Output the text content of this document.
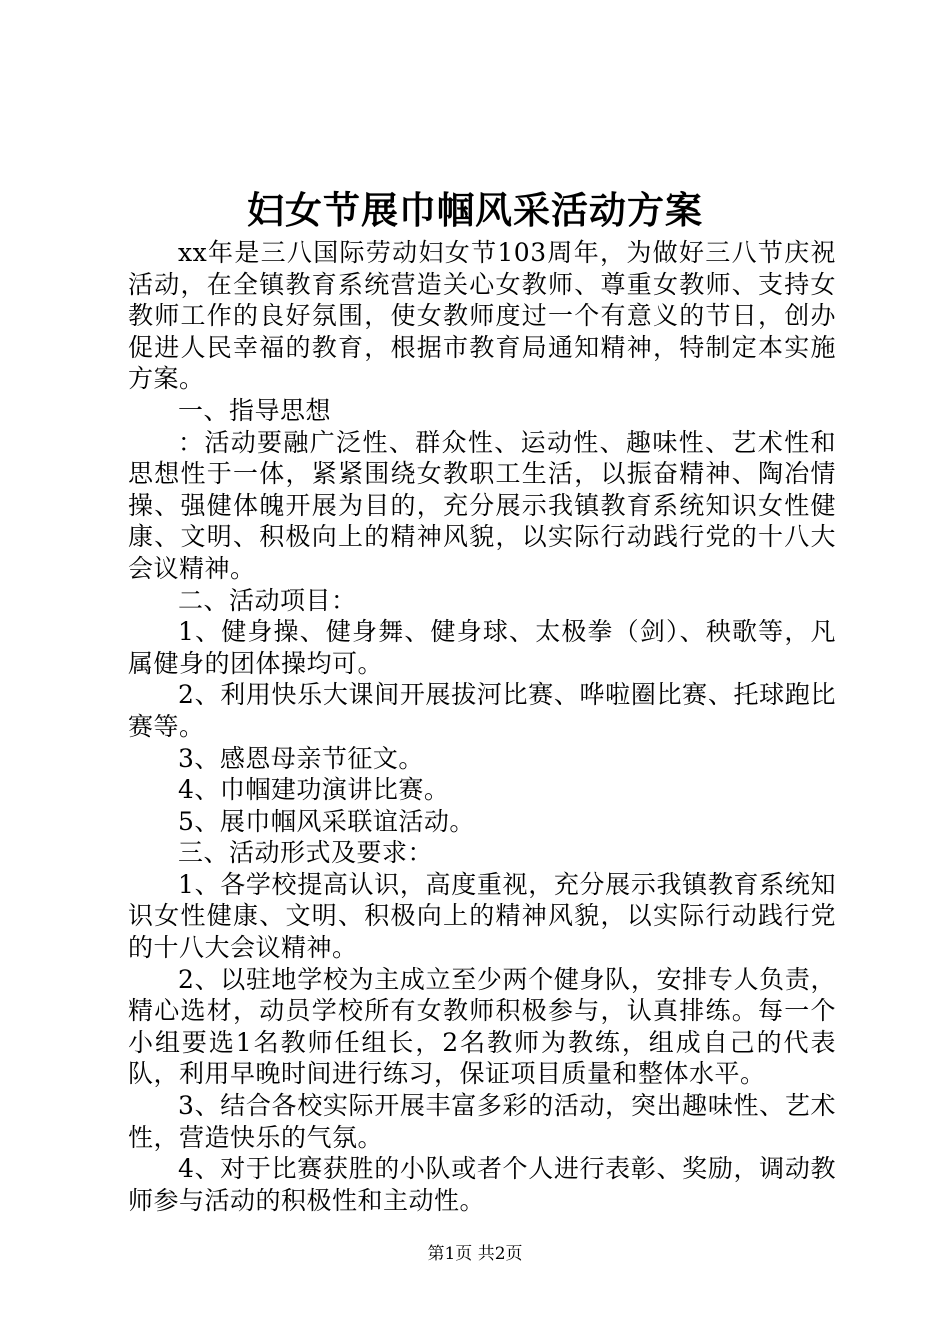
妇女节展巾帼风采活动方案

xx年是三八国际劳动妇女节103周年，为做好三八节庆祝活动，在全镇教育系统营造关心女教师、尊重女教师、支持女教师工作的良好氛围，使女教师度过一个有意义的节日，创办促进人民幸福的教育，根据市教育局通知精神，特制定本实施方案。

一、指导思想

：活动要融广泛性、群众性、运动性、趣味性、艺术性和思想性于一体，紧紧围绕女教职工生活，以振奋精神、陶冶情操、强健体魄开展为目的，充分展示我镇教育系统知识女性健康、文明、积极向上的精神风貌，以实际行动践行党的十八大会议精神。

二、活动项目：

1、健身操、健身舞、健身球、太极拳（剑）、秧歌等，凡属健身的团体操均可。

2、利用快乐大课间开展拔河比赛、哗啦圈比赛、托球跑比赛等。

3、感恩母亲节征文。

4、巾帼建功演讲比赛。

5、展巾帼风采联谊活动。

三、活动形式及要求：

1、各学校提高认识，高度重视，充分展示我镇教育系统知识女性健康、文明、积极向上的精神风貌，以实际行动践行党的十八大会议精神。

2、以驻地学校为主成立至少两个健身队，安排专人负责，精心选材，动员学校所有女教师积极参与，认真排练。每一个小组要选1名教师任组长，2名教师为教练，组成自己的代表队，利用早晚时间进行练习，保证项目质量和整体水平。

3、结合各校实际开展丰富多彩的活动，突出趣味性、艺术性，营造快乐的气氛。

4、对于比赛获胜的小队或者个人进行表彰、奖励，调动教师参与活动的积极性和主动性。

第1页 共2页
